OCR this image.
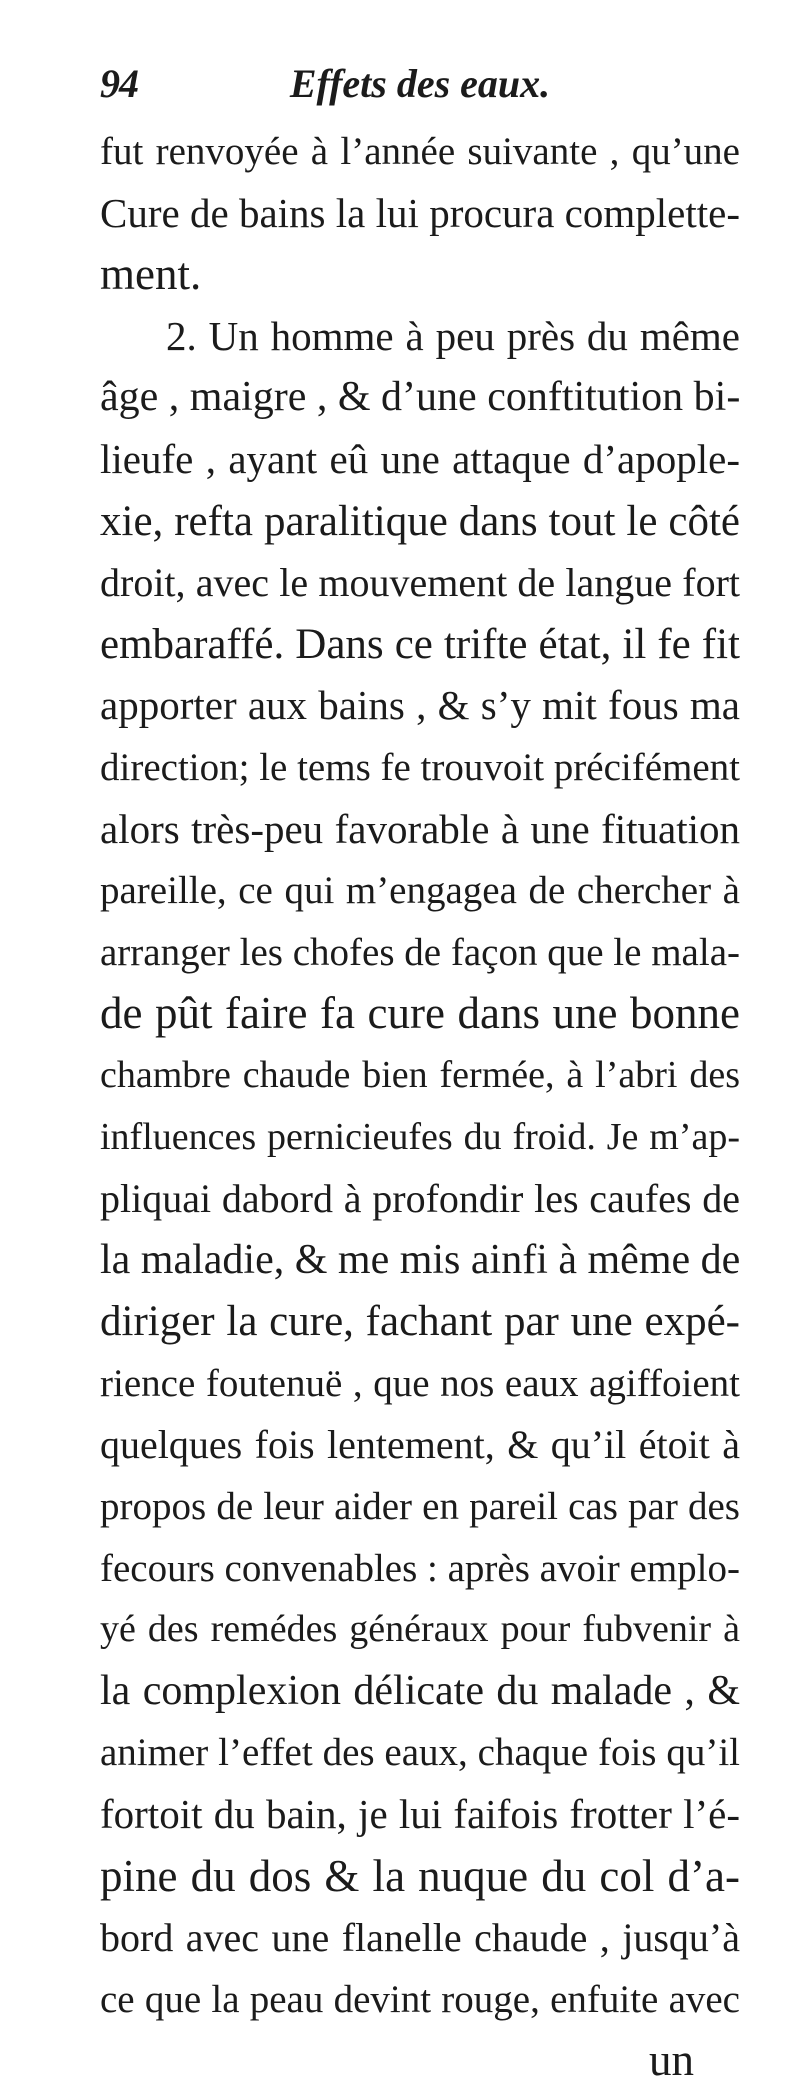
94	Effets des eaux.
fut renvoyée à l’année suivante , qu’une
Cure de bains la lui procura complette-
ment.
2. Un homme à peu près du même
âge , maigre , & d’une conftitution bi-
lieufe , ayant eû une attaque d’apople-
xie, refta paralitique dans tout le côté
droit, avec le mouvement de langue fort
embaraffé. Dans ce trifte état, il fe fit
apporter aux bains , & s’y mit fous ma
direction; le tems fe trouvoit précifément
alors très-peu favorable à une fituation
pareille, ce qui m’engagea de chercher à
arranger les chofes de façon que le mala-
de pût faire fa cure dans une bonne
chambre chaude bien fermée, à l’abri des
influences pernicieufes du froid. Je m’ap-
pliquai dabord à profondir les caufes de
la maladie, & me mis ainfi à même de
diriger la cure, fachant par une expé-
rience foutenuë , que nos eaux agiffoient
quelques fois lentement, & qu’il étoit à
propos de leur aider en pareil cas par des
fecours convenables : après avoir emplo-
yé des remédes généraux pour fubvenir à
la complexion délicate du malade , &
animer l’effet des eaux, chaque fois qu’il
fortoit du bain, je lui faifois frotter l’é-
pine du dos & la nuque du col d’a-
bord avec une flanelle chaude , jusqu’à
ce que la peau devint rouge, enfuite avec
un
